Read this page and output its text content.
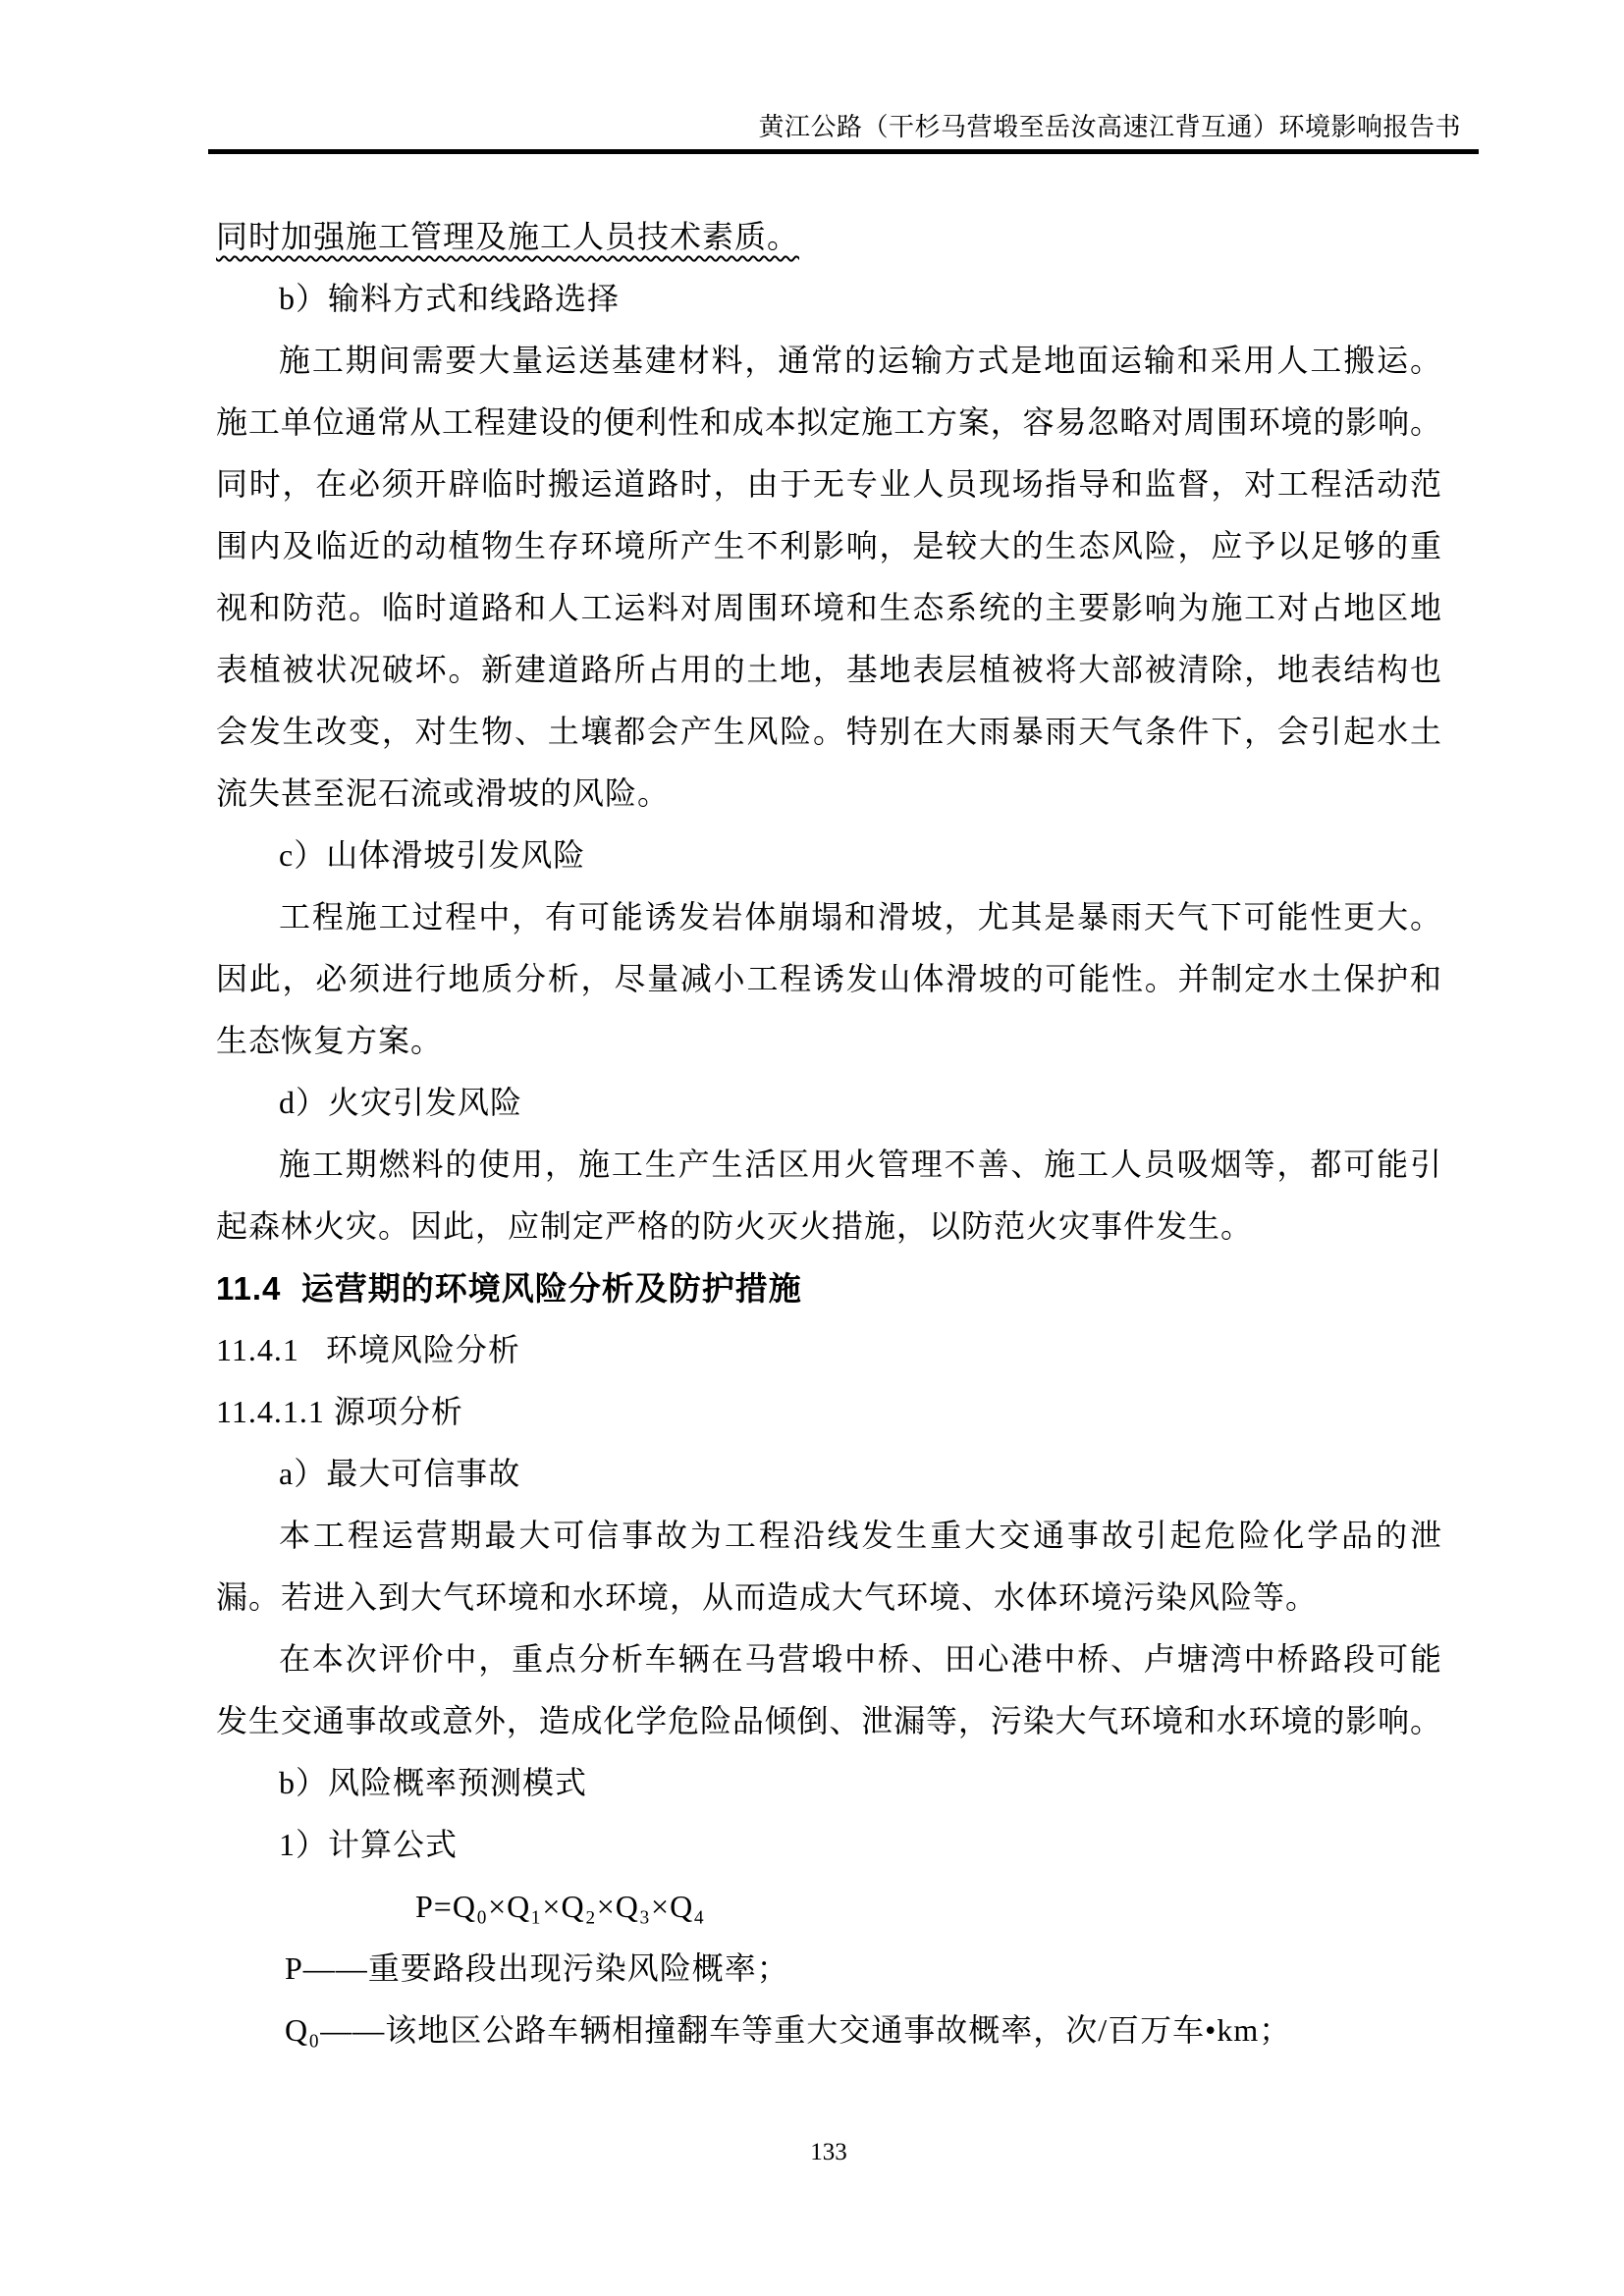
黄江公路（干杉马营塅至岳汝高速江背互通）环境影响报告书
同时加强施工管理及施工人员技术素质。
b）输料方式和线路选择
施工期间需要大量运送基建材料，通常的运输方式是地面运输和采用人工搬运。
施工单位通常从工程建设的便利性和成本拟定施工方案，容易忽略对周围环境的影响。
同时，在必须开辟临时搬运道路时，由于无专业人员现场指导和监督，对工程活动范
围内及临近的动植物生存环境所产生不利影响，是较大的生态风险，应予以足够的重
视和防范。临时道路和人工运料对周围环境和生态系统的主要影响为施工对占地区地
表植被状况破坏。新建道路所占用的土地，基地表层植被将大部被清除，地表结构也
会发生改变，对生物、土壤都会产生风险。特别在大雨暴雨天气条件下，会引起水土
流失甚至泥石流或滑坡的风险。
c）山体滑坡引发风险
工程施工过程中，有可能诱发岩体崩塌和滑坡，尤其是暴雨天气下可能性更大。
因此，必须进行地质分析，尽量减小工程诱发山体滑坡的可能性。并制定水土保护和
生态恢复方案。
d）火灾引发风险
施工期燃料的使用，施工生产生活区用火管理不善、施工人员吸烟等，都可能引
起森林火灾。因此，应制定严格的防火灭火措施，以防范火灾事件发生。
11.4  运营期的环境风险分析及防护措施
11.4.1   环境风险分析
11.4.1.1 源项分析
a）最大可信事故
本工程运营期最大可信事故为工程沿线发生重大交通事故引起危险化学品的泄
漏。若进入到大气环境和水环境，从而造成大气环境、水体环境污染风险等。
在本次评价中，重点分析车辆在马营塅中桥、田心港中桥、卢塘湾中桥路段可能
发生交通事故或意外，造成化学危险品倾倒、泄漏等，污染大气环境和水环境的影响。
b）风险概率预测模式
1）计算公式
P=Q₀×Q₁×Q₂×Q₃×Q₄
P——重要路段出现污染风险概率；
Q₀——该地区公路车辆相撞翻车等重大交通事故概率，次/百万车•km；
133
